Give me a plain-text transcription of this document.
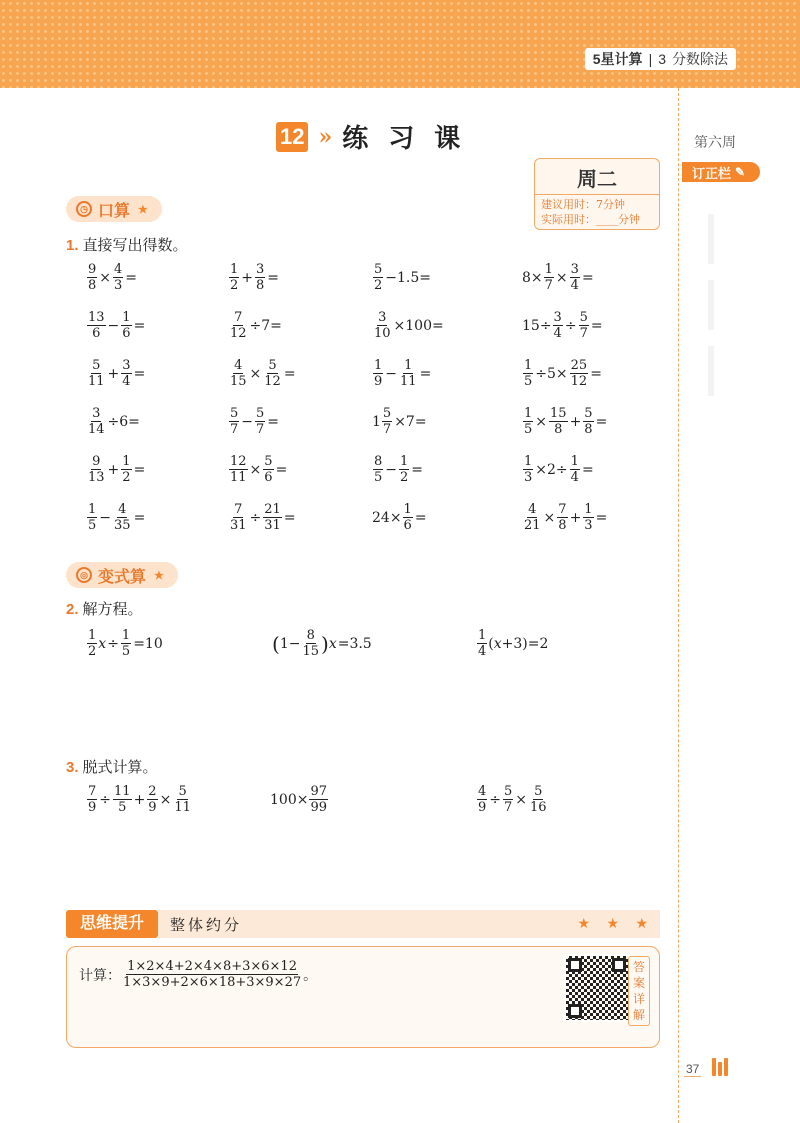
5星计算 | 3 分数除法
第六周
订正栏 ✎
12 » 练习课
周二
建议用时：7分钟
实际用时：____分钟
◷ 口算 ★
1. 直接写出得数。
$\frac{9}{8} \times \frac{4}{3}$ =	$\frac{1}{2} + \frac{3}{8}$ =	$\frac{5}{2} -1.5=$	$8\times \frac{1}{7} \times \frac{3}{4}$ =
$\frac{13}{6} - \frac{1}{6}$ =	$\frac{7}{12} \div 7=$	$\frac{3}{10} \times 100=$	$15\div \frac{3}{4} \div \frac{5}{7}$ =
$\frac{5}{11} + \frac{3}{4}$ =	$\frac{4}{15} \times \frac{5}{12}$ =	$\frac{1}{9} - \frac{1}{11}$ =	$\frac{1}{5} \div 5\times \frac{25}{12}$ =
$\frac{3}{14} \div 6=$	$\frac{5}{7} - \frac{5}{7}$ =	$1 \frac{5}{7} \times 7=$	$\frac{1}{5} \times \frac{15}{8} + \frac{5}{8}$ =
$\frac{9}{13} + \frac{1}{2}$ =	$\frac{12}{11} \times \frac{5}{6}$ =	$\frac{8}{5} - \frac{1}{2}$ =	$\frac{1}{3} \times 2\div \frac{1}{4}$ =
$\frac{1}{5} - \frac{4}{35}$ =	$\frac{7}{31} \div \frac{21}{31}$ =	$24\times \frac{1}{6}$ =	$\frac{4}{21} \times \frac{7}{8} + \frac{1}{3}$ =
◎ 变式算 ★
2. 解方程。
$\frac{1}{2}$ $x \div \frac{1}{5} =10$	( $1- \frac{8}{15}$ ) x =3.5	$\frac{1}{4}$ ( x +3)=2
3. 脱式计算。
$\frac{7}{9} \div \frac{11}{5} + \frac{2}{9} \times \frac{5}{11}$	$100\times \frac{97}{99}$	$\frac{4}{9} \div \frac{5}{7} \times \frac{5}{16}$
思维提升	整体约分	★ ★ ★
计算： $\frac{1\times 2\times 4+2\times 4\times 8+3\times 6\times 12}{1\times 3\times 9+2\times 6\times 18+3\times 9\times 27}$ 。
答
案
详
解
37
